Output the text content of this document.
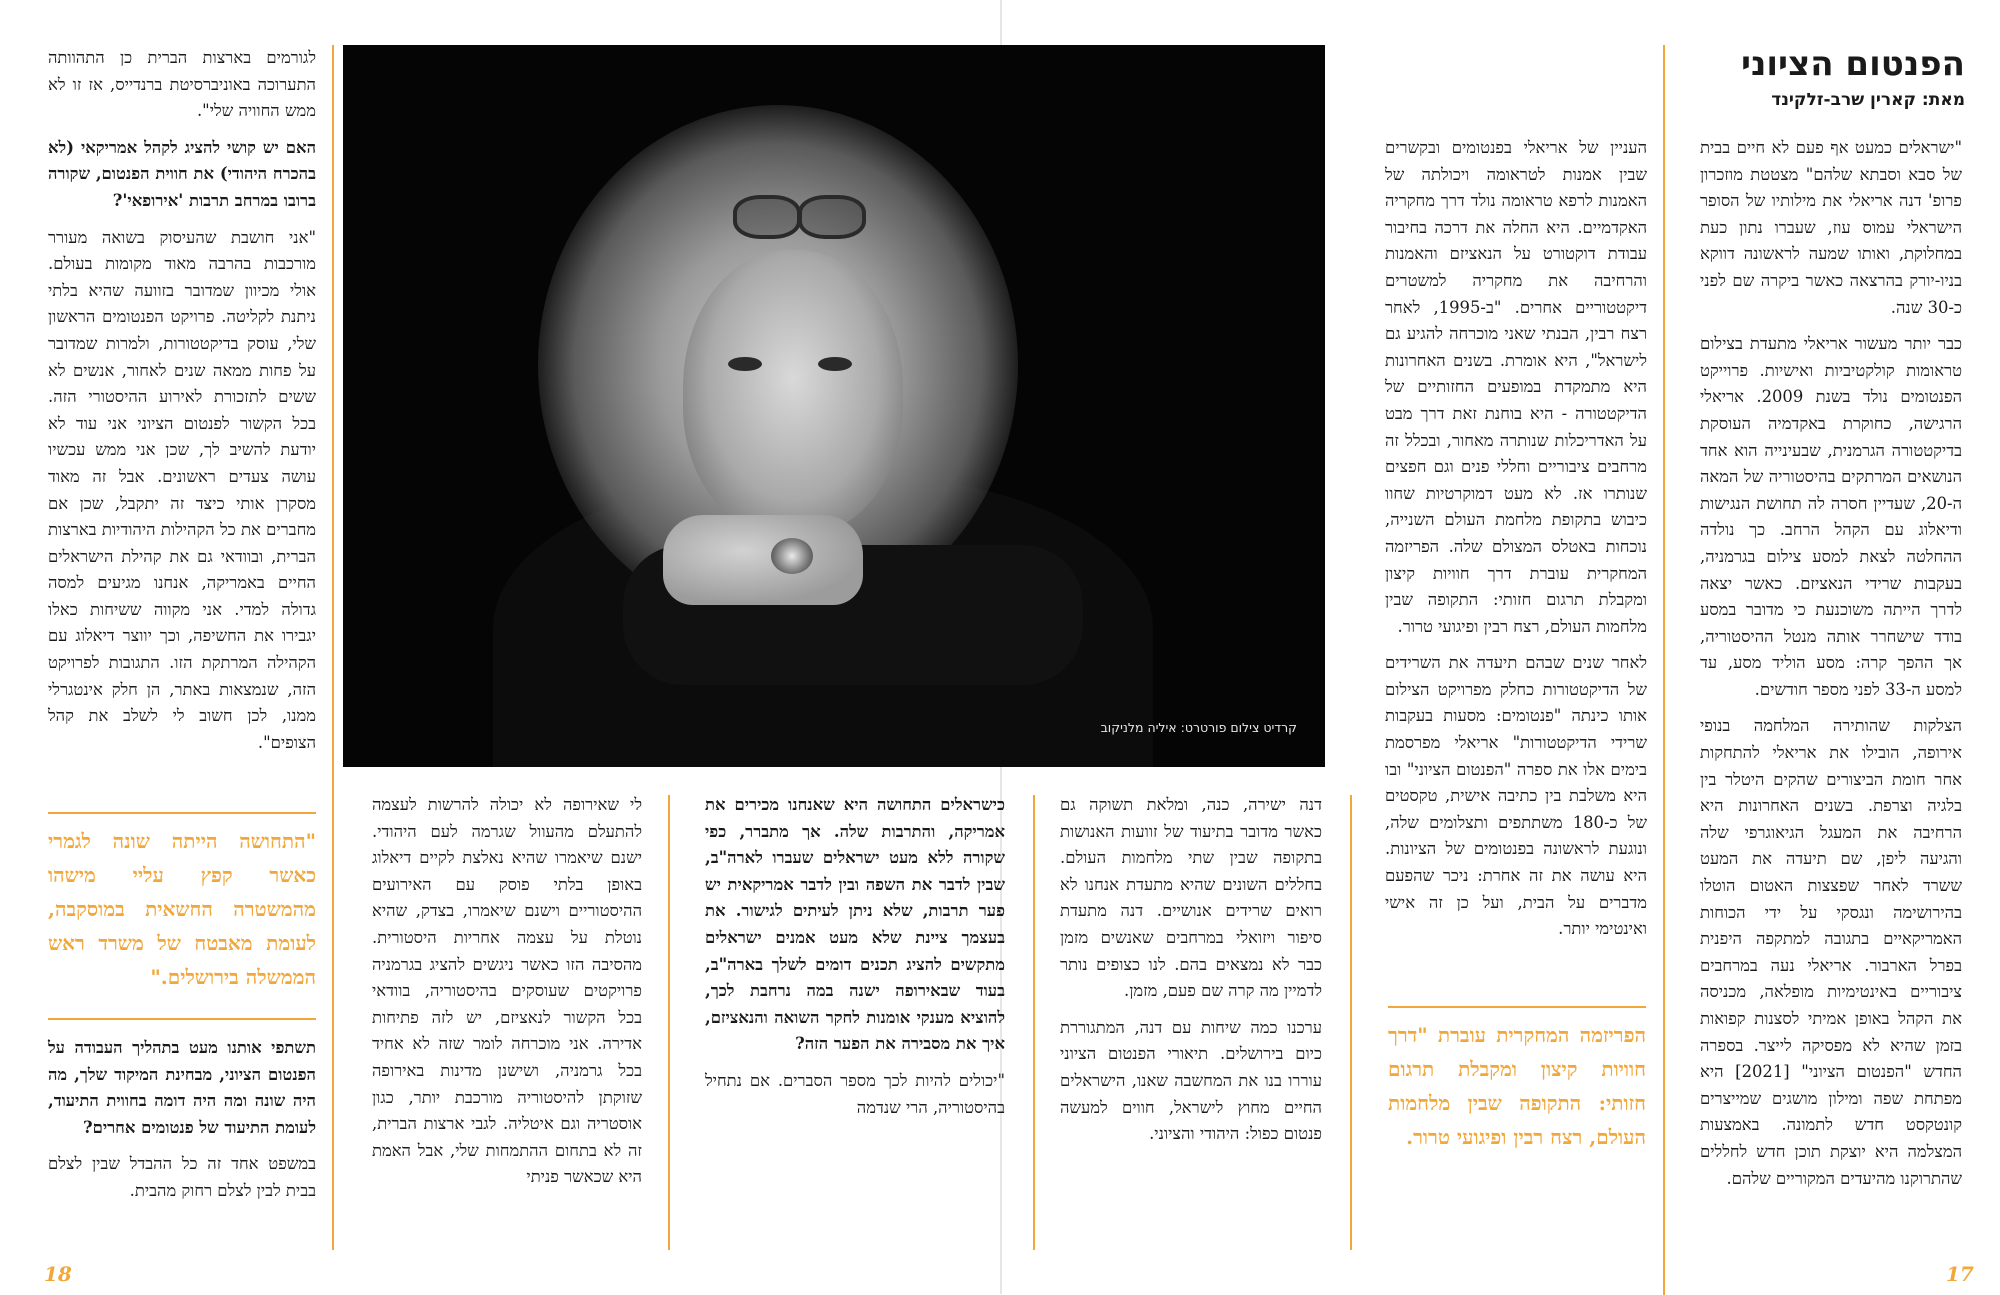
הפנטום הציוני
מאת: קארין שרב-זלקינד

"ישראלים כמעט אף פעם לא חיים בבית של סבא וסבתא שלהם" מצטטת מוזכרון פרופ' דנה אריאלי את מילותיו של הסופר הישראלי עמוס עוז, שעברו נתון כעת במחלוקת, ואותו שמעה לראשונה דווקא בניו-יורק בהרצאה כאשר ביקרה שם לפני כ-30 שנה.

כבר יותר מעשור אריאלי מתעדת בצילום טראומות קולקטיביות ואישיות. פרוייקט הפנטומים נולד בשנת 2009. אריאלי הרגישה, כחוקרת באקדמיה העוסקת בדיקטטורה הגרמנית, שבעינייה הוא אחד הנושאים המרתקים בהיסטוריה של המאה ה-20, שעדיין חסרה לה תחושת הנגישות ודיאלוג עם הקהל הרחב. כך נולדה ההחלטה לצאת למסע צילום בגרמניה, בעקבות שרידי הנאציזם. כאשר יצאה לדרך הייתה משוכנעת כי מדובר במסע בודד שישחרר אותה מנטל ההיסטוריה, אך ההפך קרה: מסע הוליד מסע, עד למסע ה-33 לפני מספר חודשים.

הצלקות שהותירה המלחמה בנופי אירופה, הובילו את אריאלי להתחקות אחר חומת הביצורים שהקים היטלר בין בלגיה וצרפת. בשנים האחרונות היא הרחיבה את המעגל הגיאוגרפי שלה והגיעה ליפן, שם תיעדה את המעט ששרד לאחר שפצצות האטום הוטלו בהירושימה ונגסקי על ידי הכוחות האמריקאיים בתגובה למתקפה היפנית בפרל הארבור. אריאלי נעה במרחבים ציבוריים באינטימיות מופלאה, מכניסה את הקהל באופן אמיתי לסצנות קפואות בזמן שהיא לא מפסיקה לייצר. בספרה החדש "הפנטום הציוני" [2021] היא מפתחת שפה ומילון מושגים שמייצרים קונטקסט חדש לתמונה. באמצעות המצלמה היא יוצקת תוכן חדש לחללים שהתרוקנו מהיעדים המקוריים שלהם.

העניין של אריאלי בפנטומים ובקשרים שבין אמנות לטראומה ויכולתה של האמנות לרפא טראומה נולד דרך מחקריה האקדמיים. היא החלה את דרכה בחיבור עבודת דוקטורט על הנאציזם והאמנות והרחיבה את מחקריה למשטרים דיקטטוריים אחרים. "ב-1995, לאחר רצח רבין, הבנתי שאני מוכרחה להגיע גם לישראל", היא אומרת. בשנים האחרונות היא מתמקדת במופעים החזותיים של הדיקטטורה - היא בוחנת זאת דרך מבט על האדריכלות שנותרה מאחור, ובכלל זה מרחבים ציבוריים וחללי פנים וגם חפצים שנותרו אז. לא מעט דמוקרטיות שחוו כיבוש בתקופת מלחמת העולם השנייה, נוכחות באטלס המצולם שלה. הפריזמה המחקרית עוברת דרך חוויות קיצון ומקבלת תרגום חזותי: התקופה שבין מלחמות העולם, רצח רבין ופיגועי טרור.

לאחר שנים שבהם תיעדה את השרידים של הדיקטטורות כחלק מפרויקט הצילום אותו כינתה "פנטומים: מסעות בעקבות שרידי הדיקטטורות" אריאלי מפרסמת בימים אלו את ספרה "הפנטום הציוני" ובו היא משלבת בין כתיבה אישית, טקסטים של כ-180 משתתפים ותצלומים שלה, ונוגעת לראשונה בפנטומים של הציונות. היא עושה את זה אחרת: ניכר שהפעם מדברים על הבית, ועל כן זה אישי ואינטימי יותר.

הפריזמה המחקרית עוברת "דרך חוויות קיצון ומקבלת תרגום חזותי: התקופה שבין מלחמות העולם, רצח רבין ופיגועי טרור.
17
קרדיט צילום פורטרט: איליה מלניקוב

דנה ישירה, כנה, ומלאת תשוקה גם כאשר מדובר בתיעוד של זוועות האנושות בתקופה שבין שתי מלחמות העולם. בחללים השונים שהיא מתעדת אנחנו לא רואים שרידים אנושיים. דנה מתעדת סיפור ויזואלי במרחבים שאנשים מזמן כבר לא נמצאים בהם. לנו כצופים נותר לדמיין מה קרה שם פעם, מזמן.

ערכנו כמה שיחות עם דנה, המתגוררת כיום בירושלים. תיאורי הפנטום הציוני עוררו בנו את המחשבה שאנו, הישראלים החיים מחוץ לישראל, חווים למעשה פנטום כפול: היהודי והציוני.

כישראלים התחושה היא שאנחנו מכירים את אמריקה, והתרבות שלה. אך מתברר, כפי שקורה ללא מעט ישראלים שעברו לארה"ב, שבין לדבר את השפה ובין לדבר אמריקאית יש פער תרבות, שלא ניתן לעיתים לגישור. את בעצמך ציינת שלא מעט אמנים ישראלים מתקשים להציג תכנים דומים לשלך בארה"ב, בעוד שבאירופה ישנה במה נרחבת לכך, להוציא מענקי אומנות לחקר השואה והנאציזם, איך את מסבירה את הפער הזה?

"יכולים להיות לכך מספר הסברים. אם נתחיל בהיסטוריה, הרי שנדמה

לי שאירופה לא יכולה להרשות לעצמה להתעלם מהעוול שגרמה לעם היהודי. ישנם שיאמרו שהיא נאלצת לקיים דיאלוג באופן בלתי פוסק עם האירועים ההיסטוריים וישנם שיאמרו, בצדק, שהיא נוטלת על עצמה אחריות היסטורית. מהסיבה הזו כאשר ניגשים להציג בגרמניה פרויקטים שעוסקים בהיסטוריה, בוודאי בכל הקשור לנאציזם, יש לזה פתיחות אדירה. אני מוכרחה לומר שזה לא אחיד בכל גרמניה, ושישנן מדינות באירופה שזוקתן להיסטוריה מורכבת יותר, כגון אוסטריה וגם איטליה. לגבי ארצות הברית, זה לא בתחום ההתמחות שלי, אבל האמת היא שכאשר פניתי

לגורמים בארצות הברית כן התהוותה התערוכה באוניברסיטת ברנדייס, אז זו לא ממש החוויה שלי".

האם יש קושי להציג לקהל אמריקאי (לא בהכרח היהודי) את חווית הפנטום, שקורה ברובו במרחב תרבות 'אירופאי'?

"אני חושבת שהעיסוק בשואה מעורר מורכבות בהרבה מאוד מקומות בעולם. אולי מכיוון שמדובר בזוועה שהיא בלתי ניתנת לקליטה. פרויקט הפנטומים הראשון שלי, עוסק בדיקטטורות, ולמרות שמדובר על פחות ממאה שנים לאחור, אנשים לא ששים לתזכורת לאירוע ההיסטורי הזה. בכל הקשור לפנטום הציוני אני עוד לא יודעת להשיב לך, שכן אני ממש עכשיו עושה צעדים ראשונים. אבל זה מאוד מסקרן אותי כיצד זה יתקבל, שכן אם מחברים את כל הקהילות היהודיות בארצות הברית, ובוודאי גם את קהילת הישראלים החיים באמריקה, אנחנו מגיעים למסה גדולה למדי. אני מקווה ששיחות כאלו יגבירו את החשיפה, וכך יווצר דיאלוג עם הקהילה המרתקת הזו. התגובות לפרויקט הזה, שנמצאות באתר, הן חלק אינטגרלי ממנו, לכן חשוב לי לשלב את קהל הצופים".

"התחושה הייתה שונה לגמרי כאשר קפץ עליי מישהו מהמשטרה החשאית במוסקבה, לעומת מאבטח של משרד ראש הממשלה בירושלים."

תשתפי אותנו מעט בתהליך העבודה על הפנטום הציוני, מבחינת המיקוד שלך, מה היה שונה ומה היה דומה בחווית התיעוד, לעומת התיעוד של פנטומים אחרים?

במשפט אחד זה כל ההבדל שבין לצלם בבית לבין לצלם רחוק מהבית.

18
